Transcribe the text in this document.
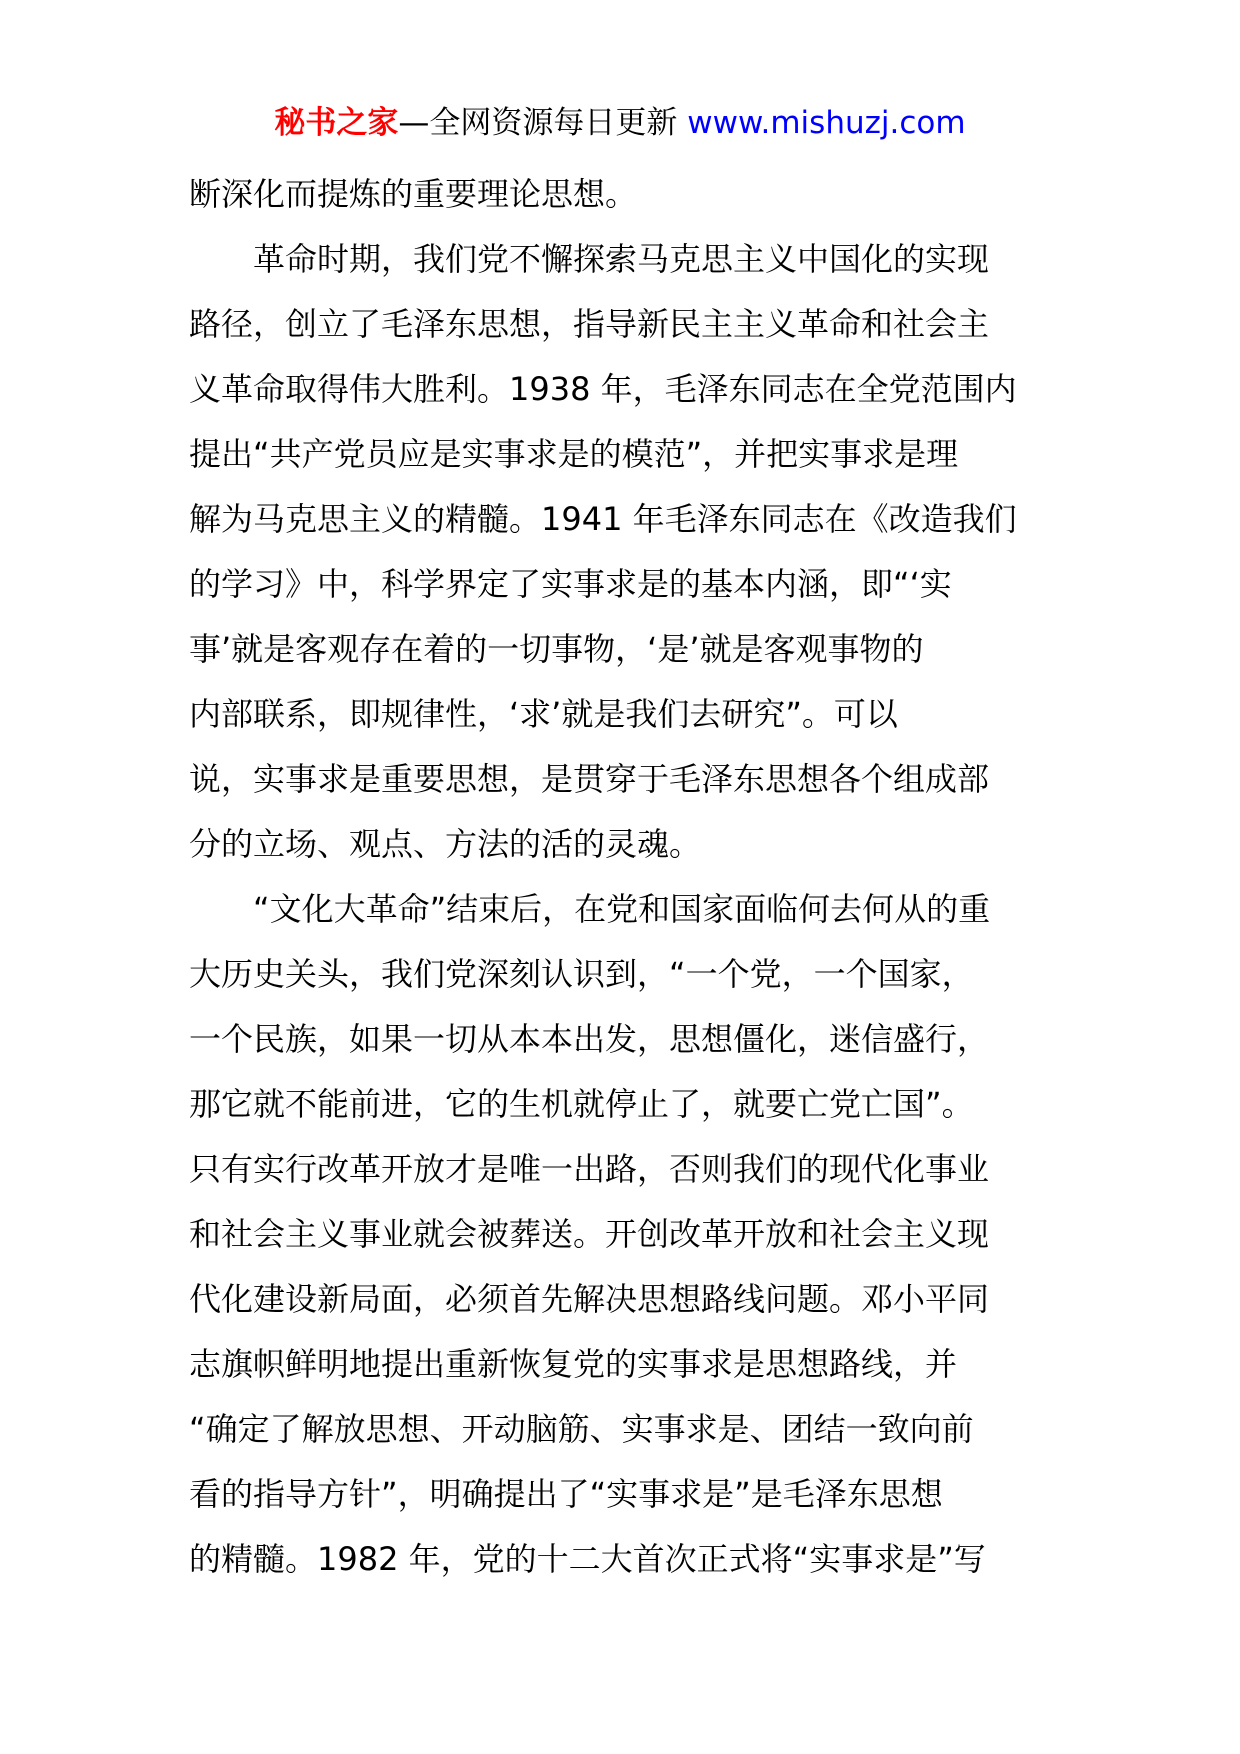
秘书之家—全网资源每日更新 www.mishuzj.com
断深化而提炼的重要理论思想。
革命时期，我们党不懈探索马克思主义中国化的实现
路径，创立了毛泽东思想，指导新民主主义革命和社会主
义革命取得伟大胜利。1938 年，毛泽东同志在全党范围内
提出“共产党员应是实事求是的模范”，并把实事求是理
解为马克思主义的精髓。1941 年毛泽东同志在《改造我们
的学习》中，科学界定了实事求是的基本内涵，即“‘实
事’就是客观存在着的一切事物，‘是’就是客观事物的
内部联系，即规律性，‘求’就是我们去研究”。可以
说，实事求是重要思想，是贯穿于毛泽东思想各个组成部
分的立场、观点、方法的活的灵魂。
“文化大革命”结束后，在党和国家面临何去何从的重
大历史关头，我们党深刻认识到，“一个党，一个国家，
一个民族，如果一切从本本出发，思想僵化，迷信盛行，
那它就不能前进，它的生机就停止了，就要亡党亡国”。
只有实行改革开放才是唯一出路，否则我们的现代化事业
和社会主义事业就会被葬送。开创改革开放和社会主义现
代化建设新局面，必须首先解决思想路线问题。邓小平同
志旗帜鲜明地提出重新恢复党的实事求是思想路线，并
“确定了解放思想、开动脑筋、实事求是、团结一致向前
看的指导方针”，明确提出了“实事求是”是毛泽东思想
的精髓。1982 年，党的十二大首次正式将“实事求是”写
